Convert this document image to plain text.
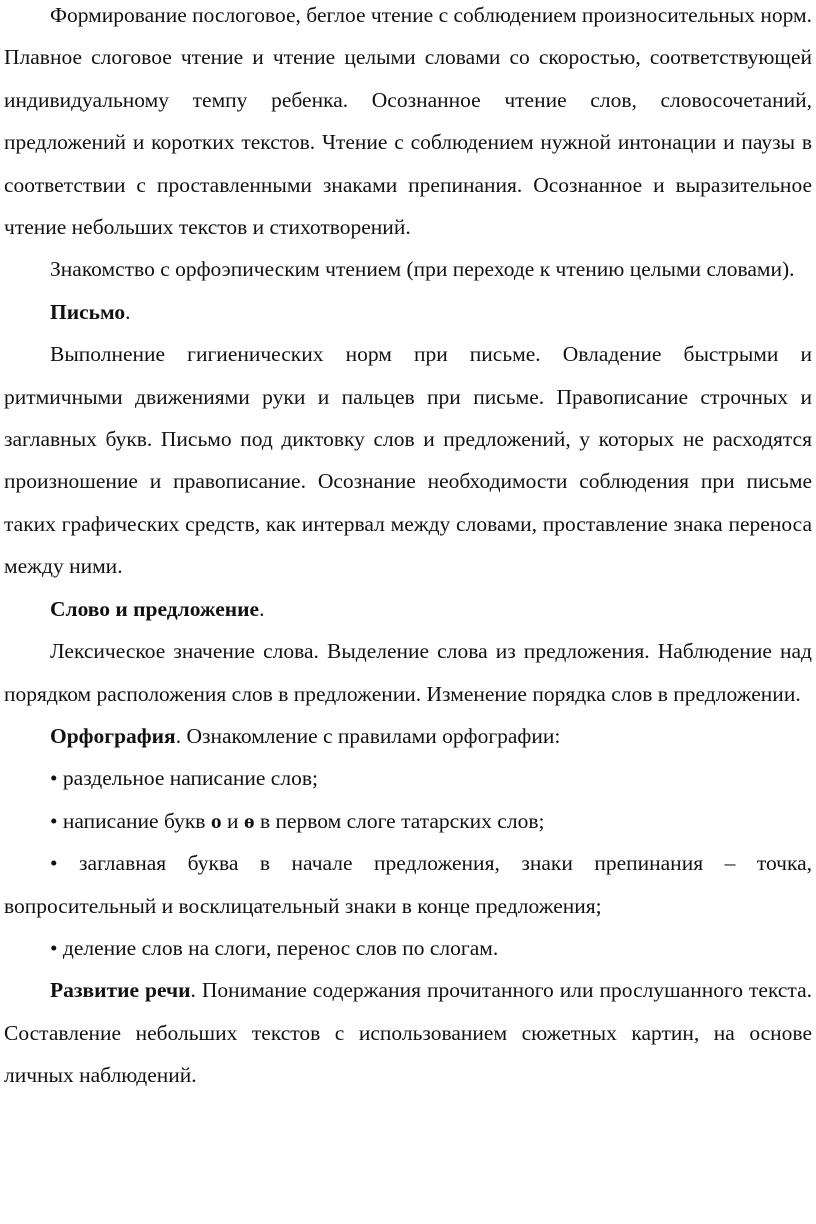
Формирование послоговое, беглое чтение с соблюдением произносительных норм. Плавное слоговое чтение и чтение целыми словами со скоростью, соответствующей индивидуальному темпу ребенка. Осознанное чтение слов, словосочетаний, предложений и коротких текстов. Чтение с соблюдением нужной интонации и паузы в соответствии с проставленными знаками препинания. Осознанное и выразительное чтение небольших текстов и стихотворений.

Знакомство с орфоэпическим чтением (при переходе к чтению целыми словами).

Письмо.

Выполнение гигиенических норм при письме. Овладение быстрыми и ритмичными движениями руки и пальцев при письме. Правописание строчных и заглавных букв. Письмо под диктовку слов и предложений, у которых не расходятся произношение и правописание. Осознание необходимости соблюдения при письме таких графических средств, как интервал между словами, проставление знака переноса между ними.

Слово и предложение.

Лексическое значение слова. Выделение слова из предложения. Наблюдение над порядком расположения слов в предложении. Изменение порядка слов в предложении.

Орфография. Ознакомление с правилами орфографии:

• раздельное написание слов;

• написание букв о и ө в первом слоге татарских слов;

• заглавная буква в начале предложения, знаки препинания – точка, вопросительный и восклицательный знаки в конце предложения;

• деление слов на слоги, перенос слов по слогам.

Развитие речи. Понимание содержания прочитанного или прослушанного текста. Составление небольших текстов с использованием сюжетных картин, на основе личных наблюдений.
